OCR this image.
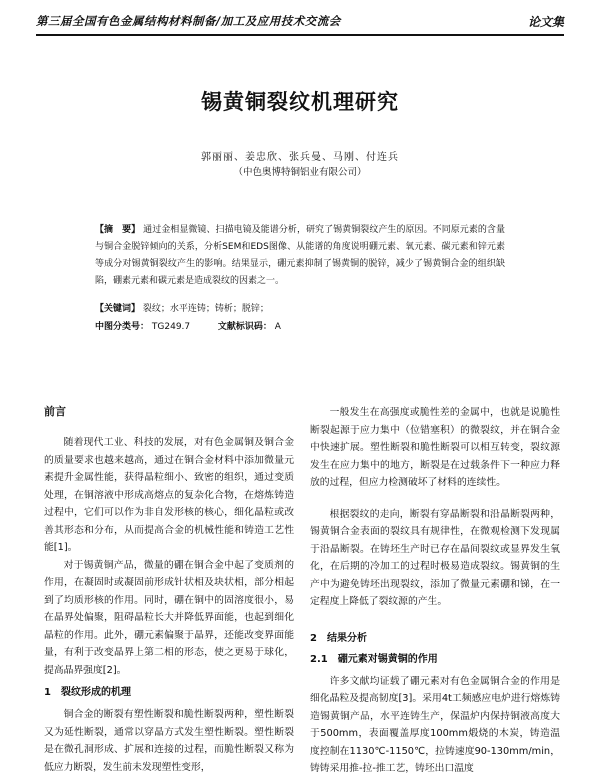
第三届全国有色金属结构材料制备/加工及应用技术交流会	论文集
锡黄铜裂纹机理研究
郭丽丽、姜忠欣、张兵曼、马刚、付连兵
（中色奥博特铜铝业有限公司）
【摘　要】 通过金相显微镜、扫描电镜及能谱分析，研究了锡黄铜裂纹产生的原因。不同原元素的含量与铜合金脱锌倾向的关系，分析SEM和EDS图像、从能谱的角度说明硼元素、氧元素、碳元素和锌元素等成分对锡黄铜裂纹产生的影响。结果显示，硼元素抑制了锡黄铜的脱锌，减少了锡黄铜合金的组织缺陷，硼素元素和碳元素是造成裂纹的因素之一。
【关键词】 裂纹；水平连铸；铸析；脱锌；
中图分类号： TG249.7	文献标识码： A
前言

随着现代工业、科技的发展，对有色金属铜及铜合金的质量要求也越来越高，通过在铜合金材料中添加微量元素提升金属性能，获得晶粒细小、致密的组织，通过变质处理，在铜溶液中形成高熔点的复杂化合物，在熔炼铸造过程中，它们可以作为非自发形核的核心，细化晶粒或改善其形态和分布，从而提高合金的机械性能和铸造工艺性能[1]。

对于锡黄铜产品，微量的硼在铜合金中起了变质剂的作用，在凝固时或凝固前形成针状相及块状相，部分相起到了均质形核的作用。同时，硼在铜中的固溶度很小，易在晶界处偏聚，阻碍晶粒长大并降低界面能，也起到细化晶粒的作用。此外，硼元素偏聚于晶界，还能改变界面能量，有利于改变晶界上第二相的形态，使之更易于球化，提高晶界强度[2]。

1　裂纹形成的机理

铜合金的断裂有塑性断裂和脆性断裂两种，塑性断裂又为延性断裂，通常以穿晶方式发生塑性断裂。塑性断裂是在微孔洞形成、扩展和连接的过程，而脆性断裂又称为低应力断裂，发生前未发现塑性变形，

一般发生在高强度或脆性差的金属中，也就是说脆性断裂起源于应力集中（位错塞积）的微裂纹，并在铜合金中快速扩展。塑性断裂和脆性断裂可以相互转变，裂纹源发生在应力集中的地方，断裂是在过载条件下一种应力释放的过程，但应力检测破坏了材料的连续性。

根据裂纹的走向，断裂有穿晶断裂和沿晶断裂两种，锡黄铜合金表面的裂纹具有规律性，在微观检测下发现属于沿晶断裂。在铸坯生产时已存在晶间裂纹或显界发生氧化，在后期的冷加工的过程时极易造成裂纹。锡黄铜的生产中为避免铸坯出现裂纹，添加了微量元素硼和锑，在一定程度上降低了裂纹源的产生。

2　结果分析
2.1　硼元素对锡黄铜的作用

许多文献均证载了硼元素对有色金属铜合金的作用是细化晶粒及提高韧度[3]。采用4t工频感应电炉进行熔炼铸造锡黄铜产品，水平连铸生产，保温炉内保持铜液高度大于500mm，表面覆盖厚度100mm煅烧的木炭，铸造温度控制在1130℃-1150℃，拉铸速度90-130mm/min，铸铸采用推-拉-推工艺，铸坯出口温度
